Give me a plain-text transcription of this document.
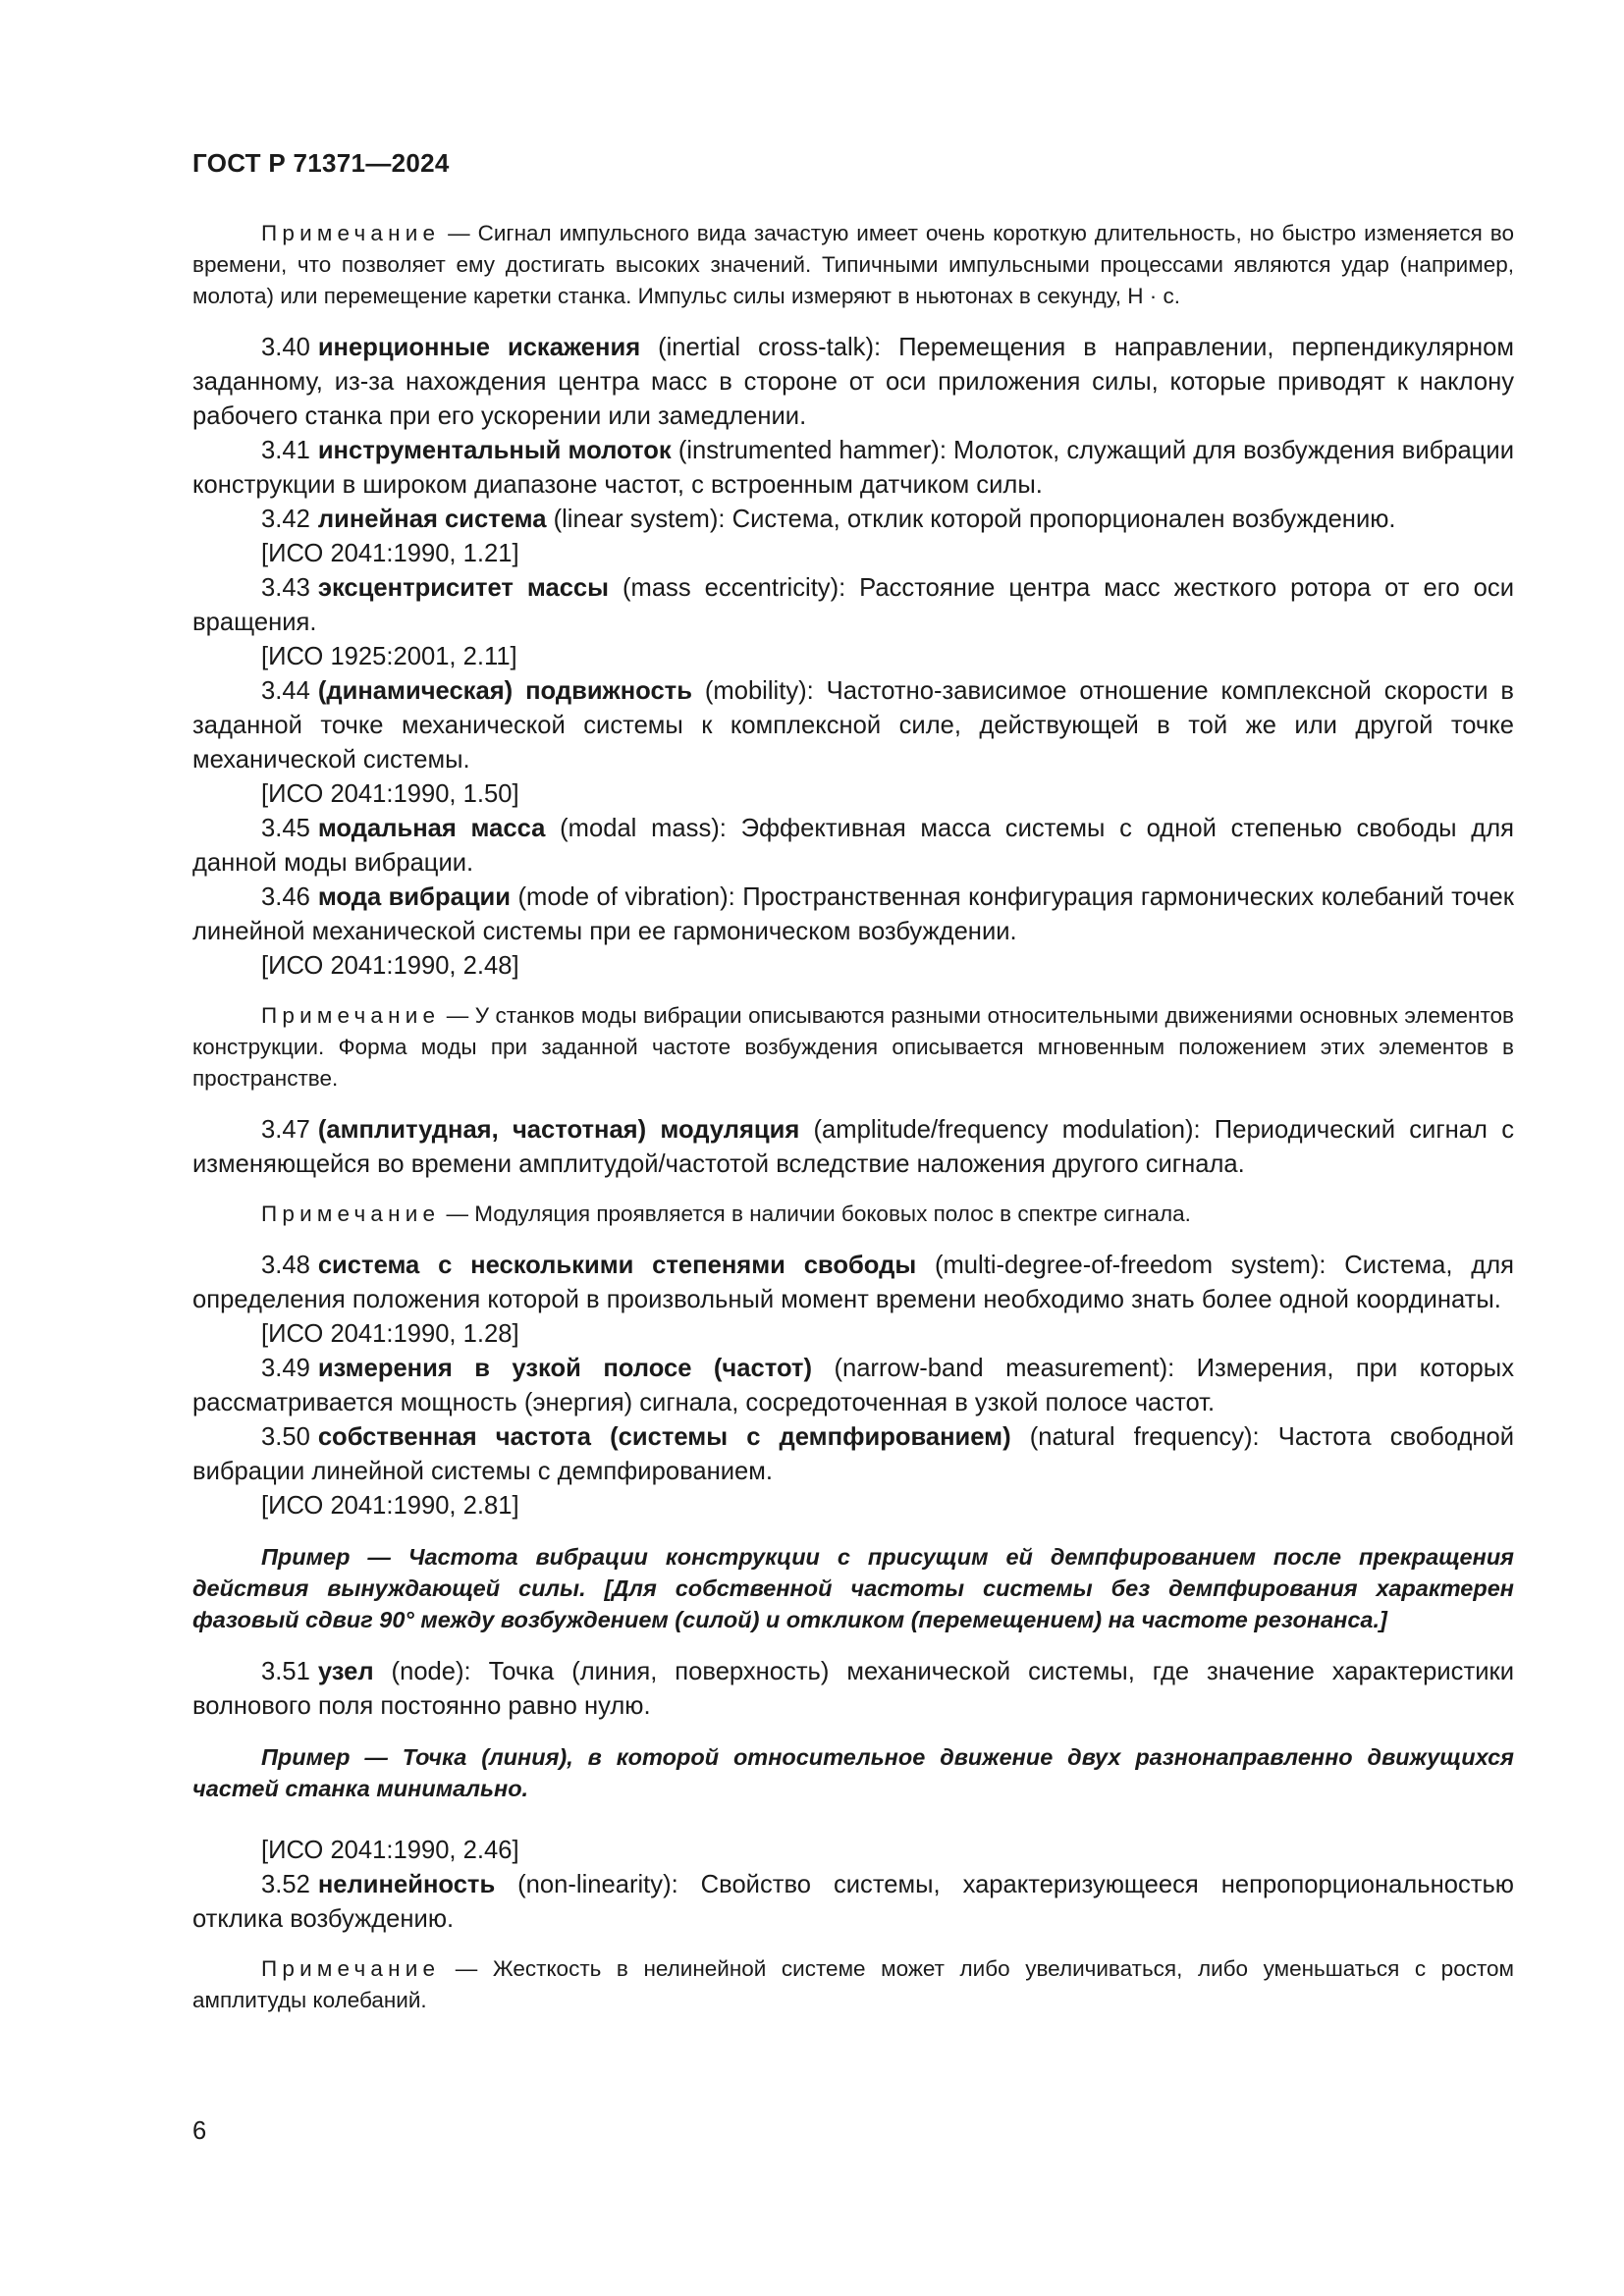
ГОСТ Р 71371—2024

Примечание — Сигнал импульсного вида зачастую имеет очень короткую длительность, но быстро изменяется во времени, что позволяет ему достигать высоких значений. Типичными импульсными процессами являются удар (например, молота) или перемещение каретки станка. Импульс силы измеряют в ньютонах в секунду, Н · с.

3.40 инерционные искажения (inertial cross-talk): Перемещения в направлении, перпендикулярном заданному, из-за нахождения центра масс в стороне от оси приложения силы, которые приводят к наклону рабочего станка при его ускорении или замедлении.

3.41 инструментальный молоток (instrumented hammer): Молоток, служащий для возбуждения вибрации конструкции в широком диапазоне частот, с встроенным датчиком силы.

3.42 линейная система (linear system): Система, отклик которой пропорционален возбуждению.

[ИСО 2041:1990, 1.21]

3.43 эксцентриситет массы (mass eccentricity): Расстояние центра масс жесткого ротора от его оси вращения.

[ИСО 1925:2001, 2.11]

3.44 (динамическая) подвижность (mobility): Частотно-зависимое отношение комплексной скорости в заданной точке механической системы к комплексной силе, действующей в той же или другой точке механической системы.

[ИСО 2041:1990, 1.50]

3.45 модальная масса (modal mass): Эффективная масса системы с одной степенью свободы для данной моды вибрации.

3.46 мода вибрации (mode of vibration): Пространственная конфигурация гармонических колебаний точек линейной механической системы при ее гармоническом возбуждении.

[ИСО 2041:1990, 2.48]

Примечание — У станков моды вибрации описываются разными относительными движениями основных элементов конструкции. Форма моды при заданной частоте возбуждения описывается мгновенным положением этих элементов в пространстве.

3.47 (амплитудная, частотная) модуляция (amplitude/frequency modulation): Периодический сигнал с изменяющейся во времени амплитудой/частотой вследствие наложения другого сигнала.

Примечание — Модуляция проявляется в наличии боковых полос в спектре сигнала.

3.48 система с несколькими степенями свободы (multi-degree-of-freedom system): Система, для определения положения которой в произвольный момент времени необходимо знать более одной координаты.

[ИСО 2041:1990, 1.28]

3.49 измерения в узкой полосе (частот) (narrow-band measurement): Измерения, при которых рассматривается мощность (энергия) сигнала, сосредоточенная в узкой полосе частот.

3.50 собственная частота (системы с демпфированием) (natural frequency): Частота свободной вибрации линейной системы с демпфированием.

[ИСО 2041:1990, 2.81]

Пример — Частота вибрации конструкции с присущим ей демпфированием после прекращения действия вынуждающей силы. [Для собственной частоты системы без демпфирования характерен фазовый сдвиг 90° между возбуждением (силой) и откликом (перемещением) на частоте резонанса.]

3.51 узел (node): Точка (линия, поверхность) механической системы, где значение характеристики волнового поля постоянно равно нулю.

Пример — Точка (линия), в которой относительное движение двух разнонаправленно движущихся частей станка минимально.

[ИСО 2041:1990, 2.46]

3.52 нелинейность (non-linearity): Свойство системы, характеризующееся непропорциональностью отклика возбуждению.

Примечание — Жесткость в нелинейной системе может либо увеличиваться, либо уменьшаться с ростом амплитуды колебаний.

6
